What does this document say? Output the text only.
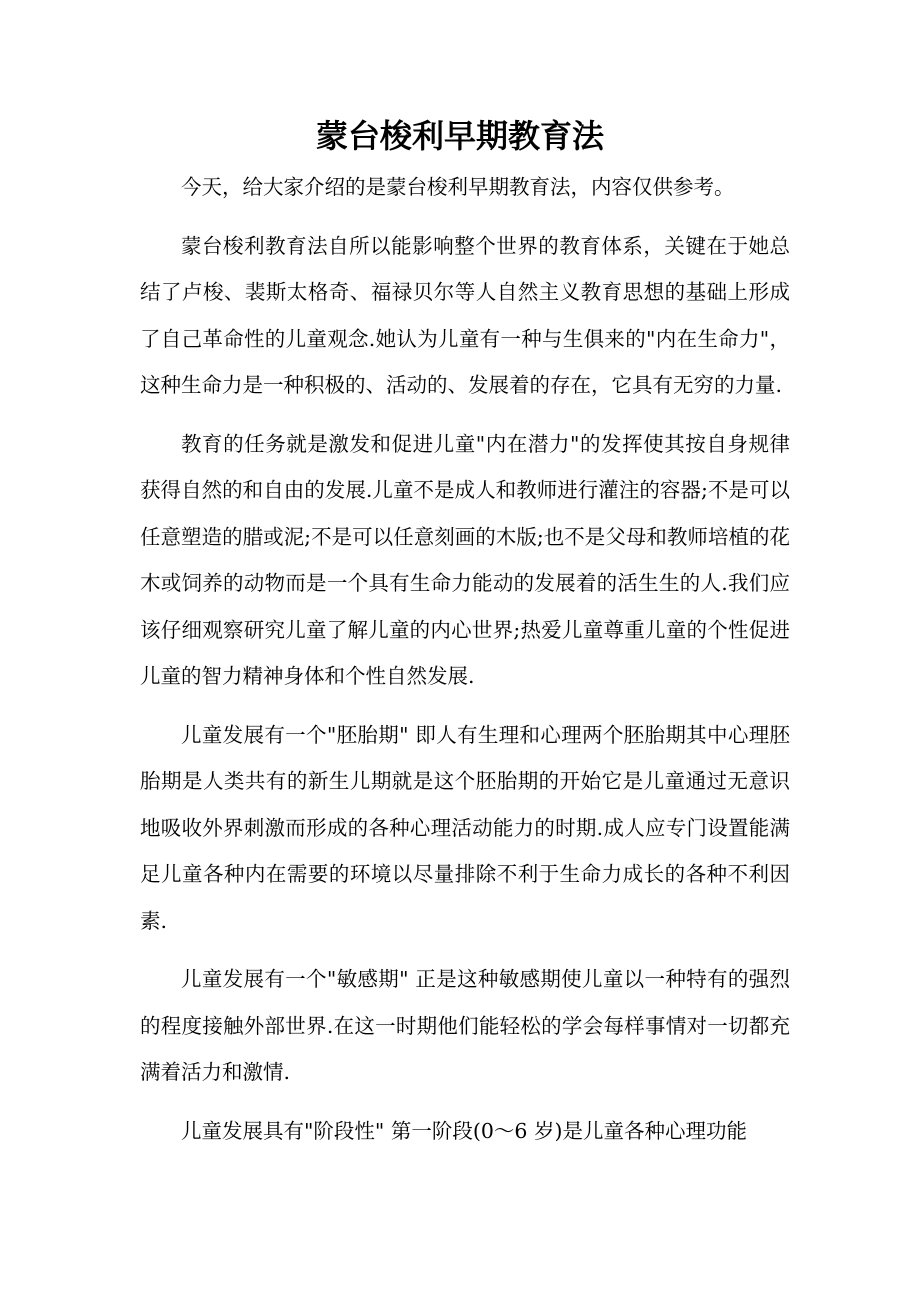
蒙台梭利早期教育法

今天，给大家介绍的是蒙台梭利早期教育法，内容仅供参考。

蒙台梭利教育法自所以能影响整个世界的教育体系，关键在于她总结了卢梭、裴斯太格奇、福禄贝尔等人自然主义教育思想的基础上形成了自己革命性的儿童观念.她认为儿童有一种与生俱来的"内在生命力"，这种生命力是一种积极的、活动的、发展着的存在，它具有无穷的力量.

教育的任务就是激发和促进儿童"内在潜力"的发挥使其按自身规律获得自然的和自由的发展.儿童不是成人和教师进行灌注的容器;不是可以任意塑造的腊或泥;不是可以任意刻画的木版;也不是父母和教师培植的花木或饲养的动物而是一个具有生命力能动的发展着的活生生的人.我们应该仔细观察研究儿童了解儿童的内心世界;热爱儿童尊重儿童的个性促进儿童的智力精神身体和个性自然发展.

儿童发展有一个"胚胎期" 即人有生理和心理两个胚胎期其中心理胚胎期是人类共有的新生儿期就是这个胚胎期的开始它是儿童通过无意识地吸收外界刺激而形成的各种心理活动能力的时期.成人应专门设置能满足儿童各种内在需要的环境以尽量排除不利于生命力成长的各种不利因素.

儿童发展有一个"敏感期" 正是这种敏感期使儿童以一种特有的强烈的程度接触外部世界.在这一时期他们能轻松的学会每样事情对一切都充满着活力和激情.

儿童发展具有"阶段性" 第一阶段(0～6 岁)是儿童各种心理功能
